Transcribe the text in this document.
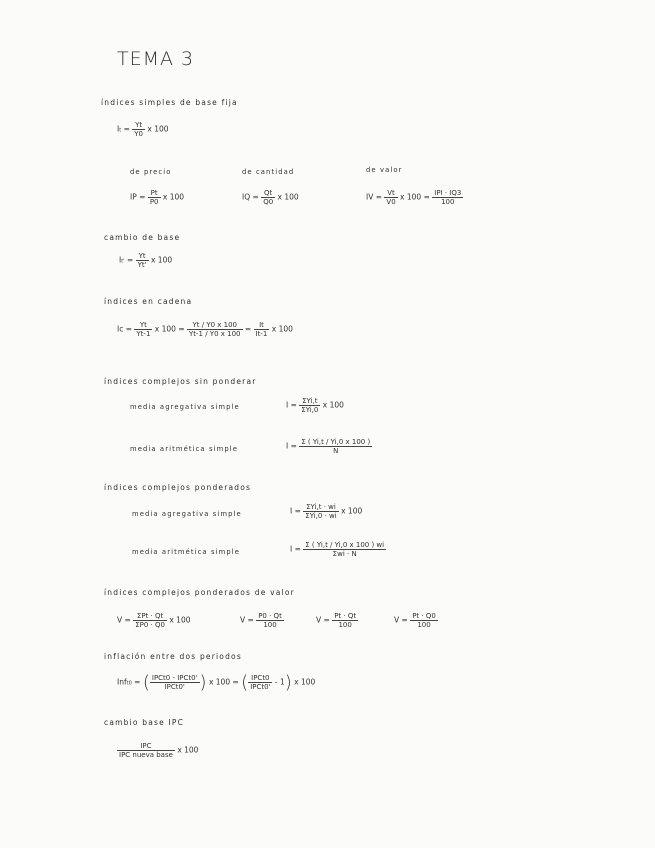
TEMA 3
índices simples de base fija
$It = \frac{Yt}{Y0}$ x 100
de precio	de cantidad	de valor
IP = $\frac{Pt}{P0}$ x 100	IQ = $\frac{Qt}{Q0}$ x 100	IV = $\frac{Vt}{V0}$ x 100 = IPI · IQ3
100
cambio de base
$It' = \frac{Yt}{Yt'}$ x 100
índices en cadena
$Ic = \frac{Yt}{Yt-1}$ x $100 = \frac{Yt / Y0 x 100}{Yt-1 / Y0 x 100} = \frac{It}{It-1}$ x 100
índices complejos sin ponderar
media agregativa simple	I = ΣYi,t
ΣYi,0
x 100
media aritmética simple	$I = \frac{\Sigma ( Yi,t / Yi,0 x 100 )}{N}$
índices complejos ponderados
media agregativa simple	I = ΣYi,t · wi
ΣYi,0 · wi
x 100
media aritmética simple	I = Σ ( Yi,t / Yi,0 x 100 ) wi
Σwi · N
índices complejos ponderados de valor
V = ΣPt · Qt
ΣP0 · Q0
x 100	$V = \frac{P0 \cdot Qt}{100}$	$V = \frac{Pt \cdot Qt}{100}$	$V = \frac{Pt \cdot Q0}{100}$
inflación entre dos periodos
Inft0 = ( IPCt0 - IPCt0'
IPCt0' ) x 100 = ( IPCt0
IPCt0'
- 1) x 100
cambio base IPC
IPC
IPC nueva base
x 100
